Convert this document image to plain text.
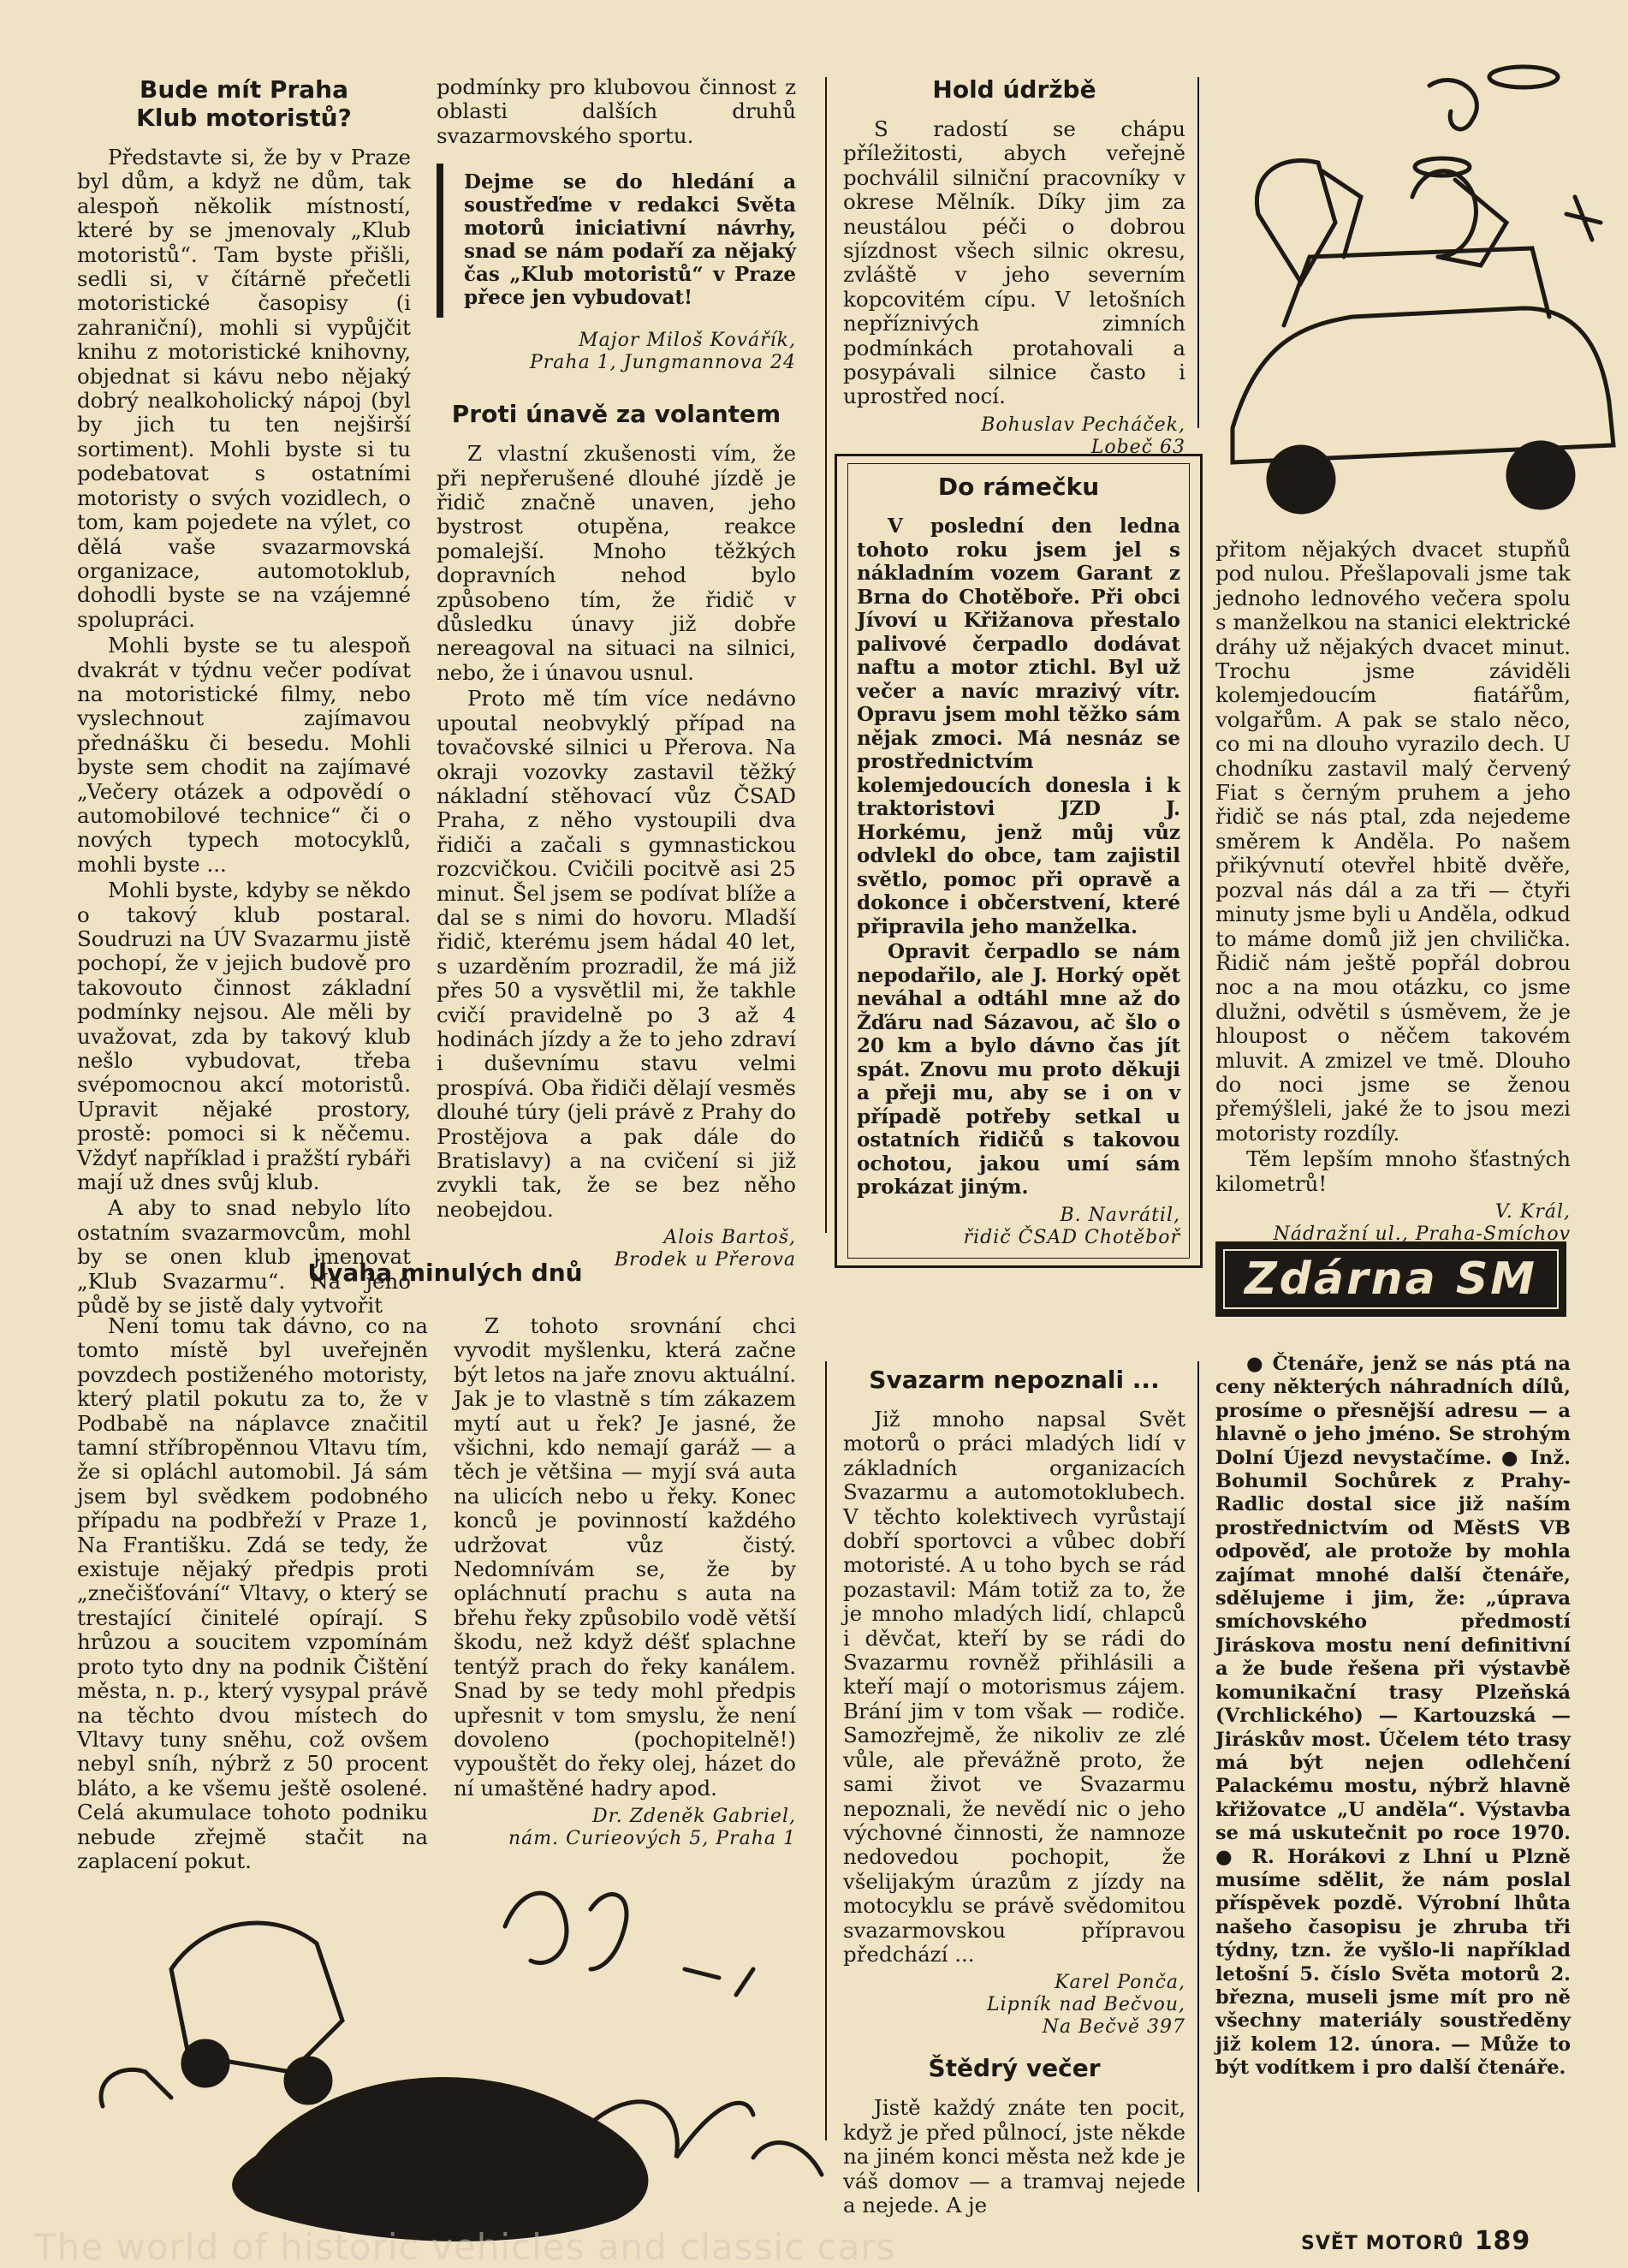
Bude mít Praha
Klub motoristů?

Představte si, že by v Praze byl dům, a když ne dům, tak alespoň několik místností, které by se jmenovaly „Klub motoristů“. Tam byste přišli, sedli si, v čítárně přečetli motoristické časopisy (i zahraniční), mohli si vypůjčit knihu z motoristické knihovny, objednat si kávu nebo nějaký dobrý nealkoholický nápoj (byl by jich tu ten nejširší sortiment). Mohli byste si tu podebatovat s ostatními motoristy o svých vozidlech, o tom, kam pojedete na výlet, co dělá vaše svazarmovská organizace, automotoklub, dohodli byste se na vzájemné spolupráci.

Mohli byste se tu alespoň dvakrát v týdnu večer podívat na motoristické filmy, nebo vyslechnout zajímavou přednášku či besedu. Mohli byste sem chodit na zajímavé „Večery otázek a odpovědí o automobilové technice“ či o nových typech motocyklů, mohli byste ...

Mohli byste, kdyby se někdo o takový klub postaral. Soudruzi na ÚV Svazarmu jistě pochopí, že v jejich budově pro takovouto činnost základní podmínky nejsou. Ale měli by uvažovat, zda by takový klub nešlo vybudovat, třeba svépomocnou akcí motoristů. Upravit nějaké prostory, prostě: pomoci si k něčemu. Vždyť například i pražští rybáři mají už dnes svůj klub.

A aby to snad nebylo líto ostatním svazarmovcům, mohl by se onen klub jmenovat „Klub Svazarmu“. Na jeho půdě by se jistě daly vytvořit

podmínky pro klubovou činnost z oblasti dalších druhů svazarmovského sportu.

Dejme se do hledání a soustřeďme v redakci Světa motorů iniciativní návrhy, snad se nám podaří za nějaký čas „Klub motoristů“ v Praze přece jen vybudovat!

Major Miloš Kovářík,
Praha 1, Jungmannova 24
Proti únavě za volantem

Z vlastní zkušenosti vím, že při nepřerušené dlouhé jízdě je řidič značně unaven, jeho bystrost otupěna, reakce pomalejší. Mnoho těžkých dopravních nehod bylo způsobeno tím, že řidič v důsledku únavy již dobře nereagoval na situaci na silnici, nebo, že i únavou usnul.

Proto mě tím více nedávno upoutal neobvyklý případ na tovačovské silnici u Přerova. Na okraji vozovky zastavil těžký nákladní stěhovací vůz ČSAD Praha, z něho vystoupili dva řidiči a začali s gymnastickou rozcvičkou. Cvičili pocitvě asi 25 minut. Šel jsem se podívat blíže a dal se s nimi do hovoru. Mladší řidič, kterému jsem hádal 40 let, s uzarděním prozradil, že má již přes 50 a vysvětlil mi, že takhle cvičí pravidelně po 3 až 4 hodinách jízdy a že to jeho zdraví i duševnímu stavu velmi prospívá. Oba řidiči dělají vesměs dlouhé túry (jeli právě z Prahy do Prostějova a pak dále do Bratislavy) a na cvičení si již zvykli tak, že se bez něho neobejdou.

Alois Bartoš,
Brodek u Přerova
Hold údržbě

S radostí se chápu příležitosti, abych veřejně pochválil silniční pracovníky v okrese Mělník. Díky jim za neustálou péči o dobrou sjízdnost všech silnic okresu, zvláště v jeho severním kopcovitém cípu. V letošních nepříznivých zimních podmínkách protahovali a posypávali silnice často i uprostřed nocí.

Bohuslav Pecháček,
Lobeč 63
Do rámečku

V poslední den ledna tohoto roku jsem jel s nákladním vozem Garant z Brna do Chotěboře. Při obci Jívoví u Křižanova přestalo palivové čerpadlo dodávat naftu a motor ztichl. Byl už večer a navíc mrazivý vítr. Opravu jsem mohl těžko sám nějak zmoci. Má nesnáz se prostřednictvím kolemjedoucích donesla i k traktoristovi JZD J. Horkému, jenž můj vůz odvlekl do obce, tam zajistil světlo, pomoc při opravě a dokonce i občerstvení, které připravila jeho manželka.

Opravit čerpadlo se nám nepodařilo, ale J. Horký opět neváhal a odtáhl mne až do Žďáru nad Sázavou, ač šlo o 20 km a bylo dávno čas jít spát. Znovu mu proto děkuji a přeji mu, aby se i on v případě potřeby setkal u ostatních řidičů s takovou ochotou, jakou umí sám prokázat jiným.

B. Navrátil,
řidič ČSAD Chotěboř

přitom nějakých dvacet stupňů pod nulou. Přešlapovali jsme tak jednoho lednového večera spolu s manželkou na stanici elektrické dráhy už nějakých dvacet minut. Trochu jsme záviděli kolemjedoucím fiatářům, volgařům. A pak se stalo něco, co mi na dlouho vyrazilo dech. U chodníku zastavil malý červený Fiat s černým pruhem a jeho řidič se nás ptal, zda nejedeme směrem k Anděla. Po našem přikývnutí otevřel hbitě dvěře, pozval nás dál a za tři — čtyři minuty jsme byli u Anděla, odkud to máme domů již jen chvilička. Řidič nám ještě popřál dobrou noc a na mou otázku, co jsme dlužni, odvětil s úsměvem, že je hloupost o něčem takovém mluvit. A zmizel ve tmě. Dlouho do noci jsme se ženou přemýšleli, jaké že to jsou mezi motoristy rozdíly.

Těm lepším mnoho šťastných kilometrů!

V. Král,
Nádražní ul., Praha-Smíchov
Zdárna SM

● Čtenáře, jenž se nás ptá na ceny některých náhradních dílů, prosíme o přesnější adresu — a hlavně o jeho jméno. Se strohým Dolní Újezd nevystačíme. ● Inž. Bohumil Sochůrek z Prahy-Radlic dostal sice již naším prostřednictvím od MěstS VB odpověď, ale protože by mohla zajímat mnohé další čtenáře, sdělujeme i jim, že: „úprava smíchovského předmostí Jiráskova mostu není definitivní a že bude řešena při výstavbě komunikační trasy Plzeňská (Vrchlického) — Kartouzská — Jiráskův most. Účelem této trasy má být nejen odlehčení Palackému mostu, nýbrž hlavně křižovatce „U anděla“. Výstavba se má uskutečnit po roce 1970. ● R. Horákovi z Lhní u Plzně musíme sdělit, že nám poslal příspěvek pozdě. Výrobní lhůta našeho časopisu je zhruba tři týdny, tzn. že vyšlo-li například letošní 5. číslo Světa motorů 2. března, museli jsme mít pro ně všechny materiály soustředěny již kolem 12. února. — Může to být vodítkem i pro další čtenáře.

Úvaha minulých dnů

Není tomu tak dávno, co na tomto místě byl uveřejněn povzdech postiženého motoristy, který platil pokutu za to, že v Podbabě na náplavce značitil tamní stříbropěnnou Vltavu tím, že si opláchl automobil. Já sám jsem byl svědkem podobného případu na podbřeží v Praze 1, Na Františku. Zdá se tedy, že existuje nějaký předpis proti „znečišťování“ Vltavy, o který se trestající činitelé opírají. S hrůzou a soucitem vzpomínám proto tyto dny na podnik Čištění města, n. p., který vysypal právě na těchto dvou místech do Vltavy tuny sněhu, což ovšem nebyl sníh, nýbrž z 50 procent bláto, a ke všemu ještě osolené. Celá akumulace tohoto podniku nebude zřejmě stačit na zaplacení pokut.

Z tohoto srovnání chci vyvodit myšlenku, která začne být letos na jaře znovu aktuální. Jak je to vlastně s tím zákazem mytí aut u řek? Je jasné, že všichni, kdo nemají garáž — a těch je většina — myjí svá auta na ulicích nebo u řeky. Konec konců je povinností každého udržovat vůz čistý. Nedomnívám se, že by opláchnutí prachu s auta na břehu řeky způsobilo vodě větší škodu, než když déšť splachne tentýž prach do řeky kanálem. Snad by se tedy mohl předpis upřesnit v tom smyslu, že není dovoleno (pochopitelně!) vypouštět do řeky olej, házet do ní umaštěné hadry apod.

Dr. Zdeněk Gabriel,
nám. Curieových 5, Praha 1
Svazarm nepoznali ...

Již mnoho napsal Svět motorů o práci mladých lidí v základních organizacích Svazarmu a automotoklubech. V těchto kolektivech vyrůstají dobří sportovci a vůbec dobří motoristé. A u toho bych se rád pozastavil: Mám totiž za to, že je mnoho mladých lidí, chlapců i děvčat, kteří by se rádi do Svazarmu rovněž přihlásili a kteří mají o motorismus zájem. Brání jim v tom však — rodiče. Samozřejmě, že nikoliv ze zlé vůle, ale převážně proto, že sami život ve Svazarmu nepoznali, že nevědí nic o jeho výchovné činnosti, že namnoze nedovedou pochopit, že všelijakým úrazům z jízdy na motocyklu se právě svědomitou svazarmovskou přípravou předchází ...

Karel Ponča,
Lipník nad Bečvou,
Na Bečvě 397
Štědrý večer

Jistě každý znáte ten pocit, když je před půlnocí, jste někde na jiném konci města než kde je váš domov — a tramvaj nejede a nejede. A je

The world of historic vehicles and classic cars	SVĚT MOTORŮ 189
